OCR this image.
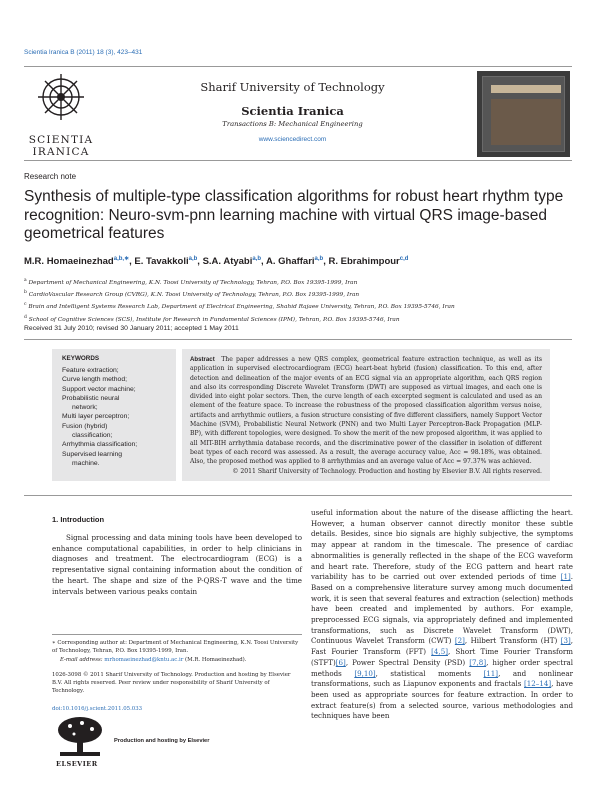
Scientia Iranica B (2011) 18 (3), 423–431
SCIENTIA
IRANICA
Sharif University of Technology
Scientia Iranica
Transactions B: Mechanical Engineering
www.sciencedirect.com
Research note
Synthesis of multiple-type classification algorithms for robust heart rhythm type recognition: Neuro-svm-pnn learning machine with virtual QRS image-based geometrical features
M.R. Homaeinezhad$^{a,b,∗}$, E. Tavakkoli$^{a,b}$, S.A. Atyabi$^{a,b}$, A. Ghaffari$^{a,b}$, R. Ebrahimpour$^{c,d}$
$^a$ Department of Mechanical Engineering, K.N. Toosi University of Technology, Tehran, P.O. Box 19395-1999, Iran
$^b$ CardioVascular Research Group (CVRG), K.N. Toosi University of Technology, Tehran, P.O. Box 19395-1999, Iran
$^c$ Brain and Intelligent Systems Research Lab, Department of Electrical Engineering, Shahid Rajaee University, Tehran, P.O. Box 19395-5746, Iran
$^d$ School of Cognitive Sciences (SCS), Institute for Research in Fundamental Sciences (IPM), Tehran, P.O. Box 19395-5746, Iran
Received 31 July 2010; revised 30 January 2011; accepted 1 May 2011
KEYWORDS
Feature extraction;
Curve length method;
Support vector machine;
Probabilistic neural
network;
Multi layer perceptron;
Fusion (hybrid)
classification;
Arrhythmia classification;
Supervised learning
machine.
Abstract The paper addresses a new QRS complex, geometrical feature extraction technique, as well as its application in supervised electrocardiogram (ECG) heart-beat hybrid (fusion) classification. To this end, after detection and delineation of the major events of an ECG signal via an appropriate algorithm, each QRS region and also its corresponding Discrete Wavelet Transform (DWT) are supposed as virtual images, and each one is divided into eight polar sectors. Then, the curve length of each excerpted segment is calculated and used as an element of the feature space. To increase the robustness of the proposed classification algorithm versus noise, artifacts and arrhythmic outliers, a fusion structure consisting of five different classifiers, namely Support Vector Machine (SVM), Probabilistic Neural Network (PNN) and two Multi Layer Perceptron-Back Propagation (MLP-BP), with different topologies, were designed. To show the merit of the new proposed algorithm, it was applied to all MIT-BIH arrhythmia database records, and the discriminative power of the classifier in isolation of different beat types of each record was assessed. As a result, the average accuracy value, Acc = 98.18%, was obtained. Also, the proposed method was applied to 8 arrhythmias and an average value of Acc = 97.37% was achieved.
© 2011 Sharif University of Technology. Production and hosting by Elsevier B.V. All rights reserved.
1. Introduction

Signal processing and data mining tools have been developed to enhance computational capabilities, in order to help clinicians in diagnoses and treatment. The electrocardiogram (ECG) is a representative signal containing information about the condition of the heart. The shape and size of the P-QRS-T wave and the time intervals between various peaks contain

useful information about the nature of the disease afflicting the heart. However, a human observer cannot directly monitor these subtle details. Besides, since bio signals are highly subjective, the symptoms may appear at random in the timescale. The presence of cardiac abnormalities is generally reflected in the shape of the ECG waveform and heart rate. Therefore, study of the ECG pattern and heart rate variability has to be carried out over extended periods of time [1]. Based on a comprehensive literature survey among much documented work, it is seen that several features and extraction (selection) methods have been created and implemented by authors. For example, preprocessed ECG signals, via appropriately defined and implemented transformations, such as Discrete Wavelet Transform (DWT), Continuous Wavelet Transform (CWT) [2], Hilbert Transform (HT) [3], Fast Fourier Transform (FFT) [4,5], Short Time Fourier Transform (STFT)[6], Power Spectral Density (PSD) [7,8], higher order spectral methods [9,10], statistical moments [11], and nonlinear transformations, such as Liapunov exponents and fractals [12–14], have been used as appropriate sources for feature extraction. In order to extract feature(s) from a selected source, various methodologies and techniques have been
∗ Corresponding author at: Department of Mechanical Engineering, K.N. Toosi University of Technology, Tehran, P.O. Box 19395-1999, Iran.
E-mail address: mrhomaeinezhad@kntu.ac.ir (M.R. Homaeinezhad).
1026-3098 © 2011 Sharif University of Technology. Production and hosting by Elsevier B.V. All rights reserved. Peer review under responsibility of Sharif University of Technology.
doi:10.1016/j.scient.2011.05.033
ELSEVIER
Production and hosting by Elsevier
